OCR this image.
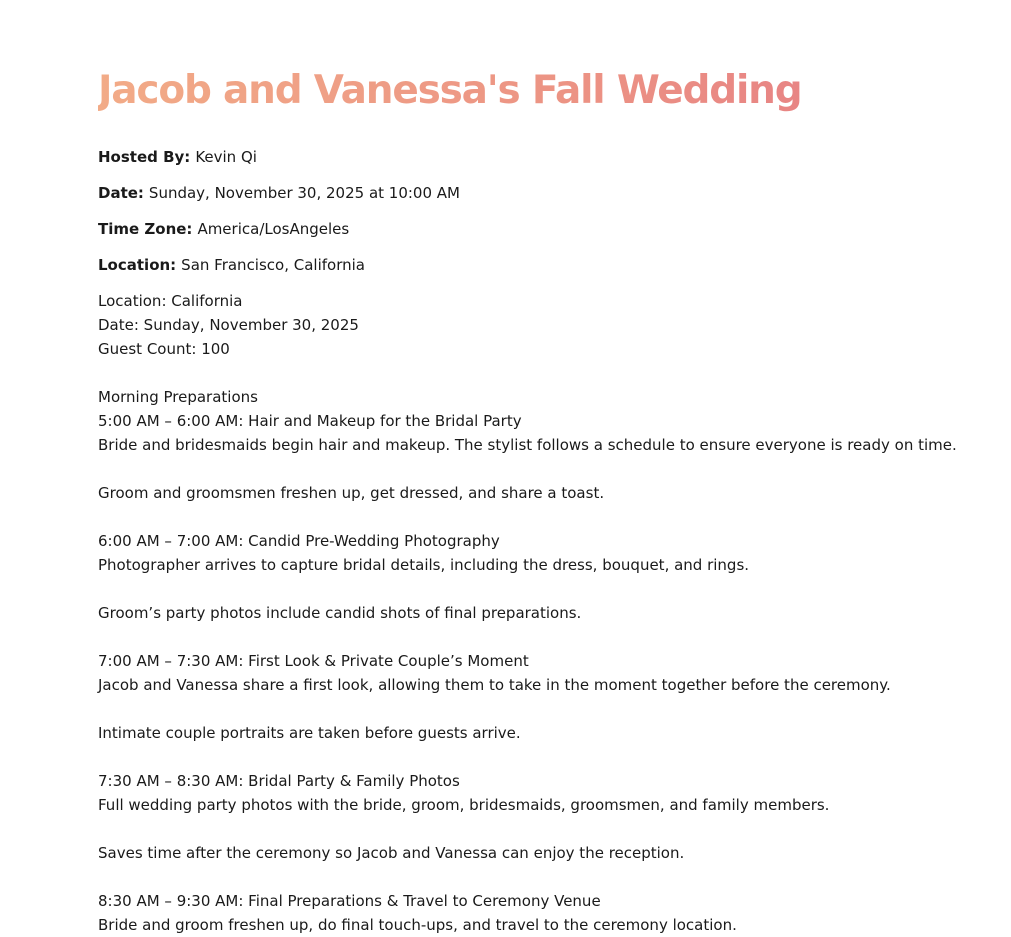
Jacob and Vanessa's Fall Wedding
Hosted By: Kevin Qi
Date: Sunday, November 30, 2025 at 10:00 AM
Time Zone: America/LosAngeles
Location: San Francisco, California
Location: California
Date: Sunday, November 30, 2025
Guest Count: 100
Morning Preparations
5:00 AM – 6:00 AM: Hair and Makeup for the Bridal Party
Bride and bridesmaids begin hair and makeup. The stylist follows a schedule to ensure everyone is ready on time.
Groom and groomsmen freshen up, get dressed, and share a toast.
6:00 AM – 7:00 AM: Candid Pre-Wedding Photography
Photographer arrives to capture bridal details, including the dress, bouquet, and rings.
Groom’s party photos include candid shots of final preparations.
7:00 AM – 7:30 AM: First Look & Private Couple’s Moment
Jacob and Vanessa share a first look, allowing them to take in the moment together before the ceremony.
Intimate couple portraits are taken before guests arrive.
7:30 AM – 8:30 AM: Bridal Party & Family Photos
Full wedding party photos with the bride, groom, bridesmaids, groomsmen, and family members.
Saves time after the ceremony so Jacob and Vanessa can enjoy the reception.
8:30 AM – 9:30 AM: Final Preparations & Travel to Ceremony Venue
Bride and groom freshen up, do final touch-ups, and travel to the ceremony location.
